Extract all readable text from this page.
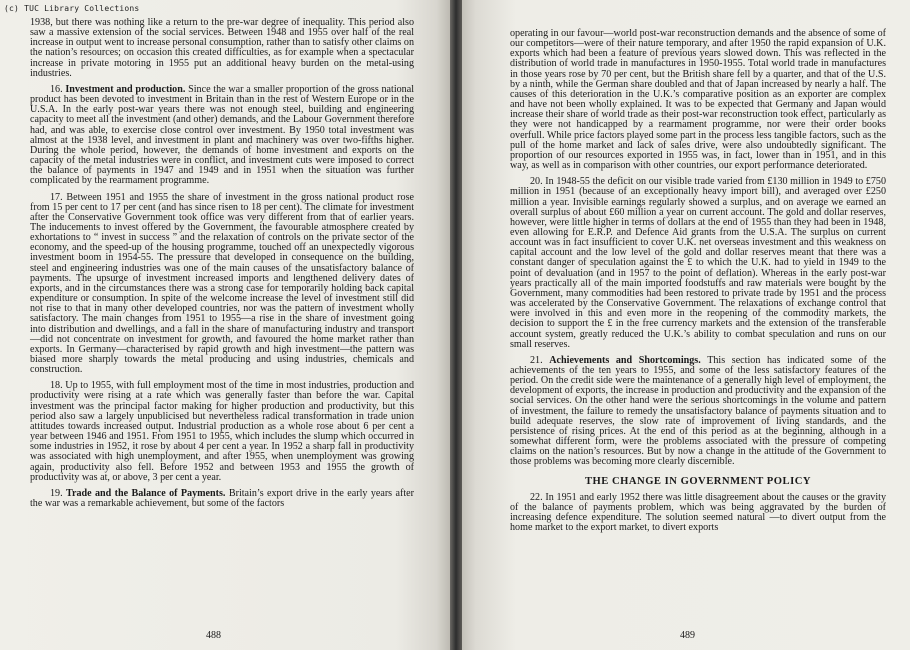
(c) TUC Library Collections

1938, but there was nothing like a return to the pre-war degree of inequality. This period also saw a massive extension of the social services. Between 1948 and 1955 over half of the real increase in output went to increase personal consumption, rather than to satisfy other claims on the nation’s resources; on occasion this created difficulties, as for example when a spectacular increase in private motoring in 1955 put an additional heavy burden on the metal-using industries.

16. Investment and production. Since the war a smaller proportion of the gross national product has been devoted to investment in Britain than in the rest of Western Europe or in the U.S.A. In the early post-war years there was not enough steel, building and engineering capacity to meet all the investment (and other) demands, and the Labour Government therefore had, and was able, to exercise close control over investment. By 1950 total investment was almost at the 1938 level, and investment in plant and machinery was over two-fifths higher. During the whole period, however, the demands of home investment and exports on the capacity of the metal industries were in conflict, and investment cuts were imposed to correct the balance of payments in 1947 and 1949 and in 1951 when the situation was further complicated by the rearmament programme.

17. Between 1951 and 1955 the share of investment in the gross national product rose from 15 per cent to 17 per cent (and has since risen to 18 per cent). The climate for investment after the Conservative Government took office was very different from that of earlier years. The inducements to invest offered by the Government, the favourable atmosphere created by exhortations to “ invest in success ” and the relaxation of controls on the private sector of the economy, and the speed-up of the housing programme, touched off an unexpectedly vigorous investment boom in 1954-55. The pressure that developed in consequence on the building, steel and engineering industries was one of the main causes of the unsatisfactory balance of payments. The upsurge of investment increased imports and lengthened delivery dates of exports, and in the circumstances there was a strong case for temporarily holding back capital expenditure or consumption. In spite of the welcome increase the level of investment still did not rise to that in many other developed countries, nor was the pattern of investment wholly satisfactory. The main changes from 1951 to 1955—a rise in the share of investment going into distribution and dwellings, and a fall in the share of manufacturing industry and transport—did not concentrate on investment for growth, and favoured the home market rather than exports. In Germany—characterised by rapid growth and high investment—the pattern was biased more sharply towards the metal producing and using industries, chemicals and construction.

18. Up to 1955, with full employment most of the time in most industries, production and productivity were rising at a rate which was generally faster than before the war. Capital investment was the principal factor making for higher production and productivity, but this period also saw a largely unpublicised but nevertheless radical transformation in trade union attitudes towards increased output. Industrial production as a whole rose about 6 per cent a year between 1946 and 1951. From 1951 to 1955, which includes the slump which occurred in some industries in 1952, it rose by about 4 per cent a year. In 1952 a sharp fall in productivity was associated with high unemployment, and after 1955, when unemployment was growing again, productivity also fell. Before 1952 and between 1953 and 1955 the growth of productivity was at, or above, 3 per cent a year.

19. Trade and the Balance of Payments. Britain’s export drive in the early years after the war was a remarkable achievement, but some of the factors

488

operating in our favour—world post-war reconstruction demands and the absence of some of our competitors—were of their nature temporary, and after 1950 the rapid expansion of U.K. exports which had been a feature of previous years slowed down. This was reflected in the distribution of world trade in manufactures in 1950-1955. Total world trade in manufactures in those years rose by 70 per cent, but the British share fell by a quarter, and that of the U.S. by a ninth, while the German share doubled and that of Japan increased by nearly a half. The causes of this deterioration in the U.K.’s comparative position as an exporter are complex and have not been wholly explained. It was to be expected that Germany and Japan would increase their share of world trade as their post-war reconstruction took effect, particularly as they were not handicapped by a rearmament programme, nor were their order books overfull. While price factors played some part in the process less tangible factors, such as the pull of the home market and lack of sales drive, were also undoubtedly significant. The proportion of our resources exported in 1955 was, in fact, lower than in 1951, and in this way, as well as in comparison with other countries, our export performance deteriorated.

20. In 1948-55 the deficit on our visible trade varied from £130 million in 1949 to £750 million in 1951 (because of an exceptionally heavy import bill), and averaged over £250 million a year. Invisible earnings regularly showed a surplus, and on average we earned an overall surplus of about £60 million a year on current account. The gold and dollar reserves, however, were little higher in terms of dollars at the end of 1955 than they had been in 1948, even allowing for E.R.P. and Defence Aid grants from the U.S.A. The surplus on current account was in fact insufficient to cover U.K. net overseas investment and this weakness on capital account and the low level of the gold and dollar reserves meant that there was a constant danger of speculation against the £ to which the U.K. had to yield in 1949 to the point of devaluation (and in 1957 to the point of deflation). Whereas in the early post-war years practically all of the main imported foodstuffs and raw materials were bought by the Government, many commodities had been restored to private trade by 1951 and the process was accelerated by the Conservative Government. The relaxations of exchange control that were involved in this and even more in the reopening of the commodity markets, the decision to support the £ in the free currency markets and the extension of the transferable account system, greatly reduced the U.K.’s ability to combat speculation and runs on our small reserves.

21. Achievements and Shortcomings. This section has indicated some of the achievements of the ten years to 1955, and some of the less satisfactory features of the period. On the credit side were the maintenance of a generally high level of employment, the development of exports, the increase in production and productivity and the expansion of the social services. On the other hand were the serious shortcomings in the volume and pattern of investment, the failure to remedy the unsatisfactory balance of payments situation and to build adequate reserves, the slow rate of improvement of living standards, and the persistence of rising prices. At the end of this period as at the beginning, although in a somewhat different form, were the problems associated with the pressure of competing claims on the nation’s resources. But by now a change in the attitude of the Government to those problems was becoming more clearly discernible.

THE CHANGE IN GOVERNMENT POLICY

22. In 1951 and early 1952 there was little disagreement about the causes or the gravity of the balance of payments problem, which was being aggravated by the burden of increasing defence expenditure. The solution seemed natural —to divert output from the home market to the export market, to divert exports

489
